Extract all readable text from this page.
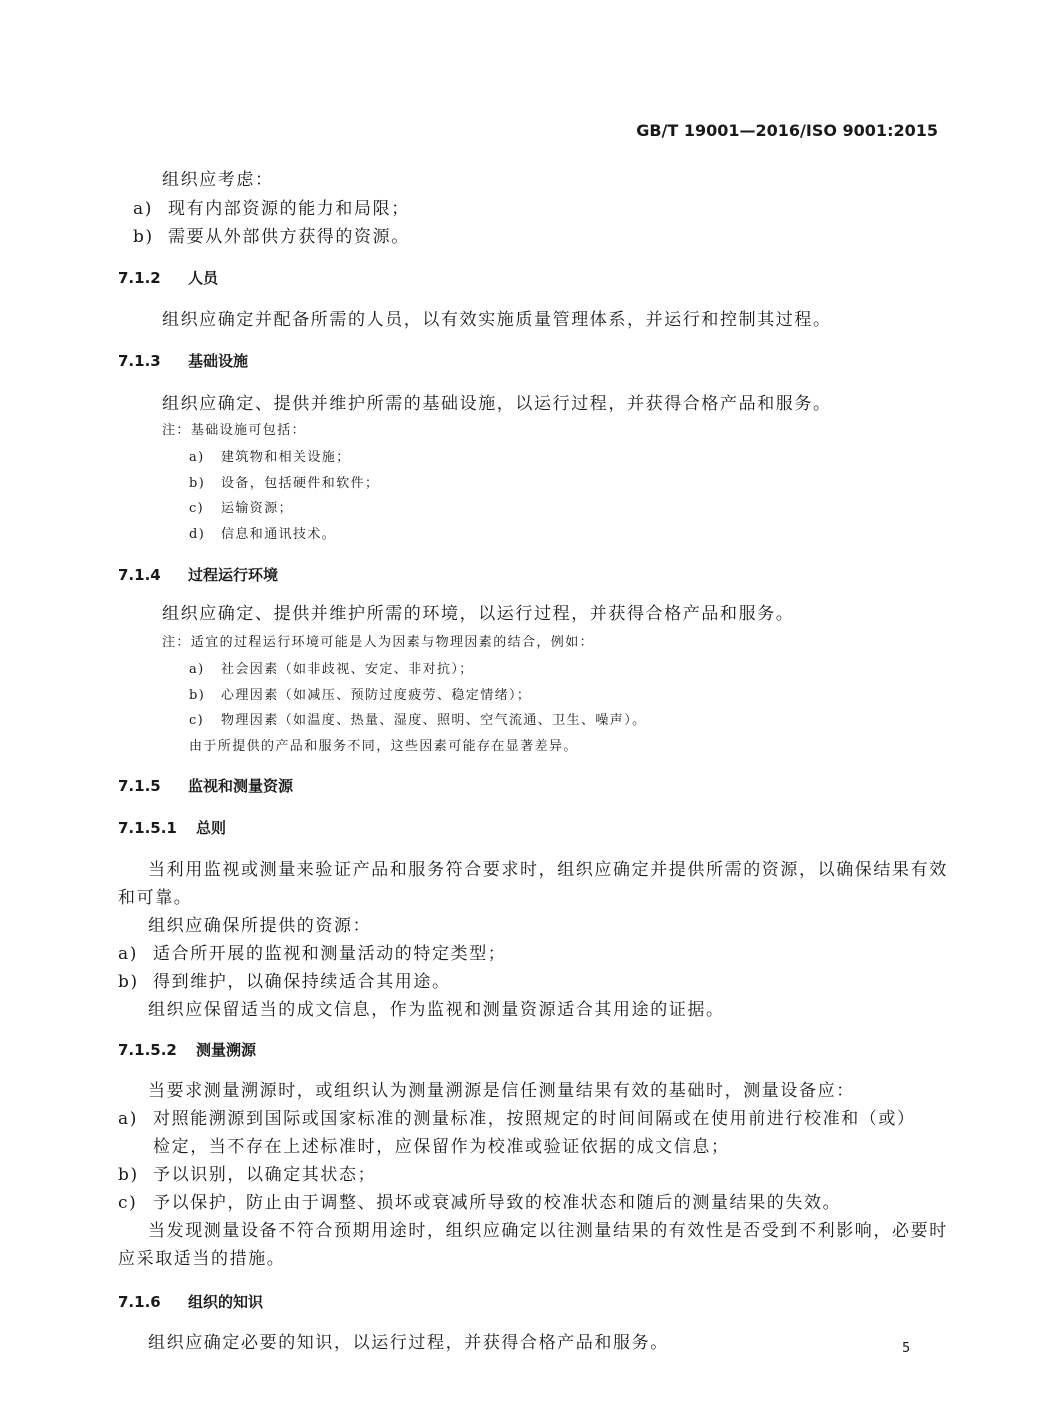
GB/T 19001—2016/ISO 9001:2015
组织应考虑：
a) 现有内部资源的能力和局限；
b) 需要从外部供方获得的资源。
7.1.2 人员
组织应确定并配备所需的人员，以有效实施质量管理体系，并运行和控制其过程。
7.1.3 基础设施
组织应确定、提供并维护所需的基础设施，以运行过程，并获得合格产品和服务。
注：基础设施可包括：
a) 建筑物和相关设施；
b) 设备，包括硬件和软件；
c) 运输资源；
d) 信息和通讯技术。
7.1.4 过程运行环境
组织应确定、提供并维护所需的环境，以运行过程，并获得合格产品和服务。
注：适宜的过程运行环境可能是人为因素与物理因素的结合，例如：
a) 社会因素（如非歧视、安定、非对抗）；
b) 心理因素（如减压、预防过度疲劳、稳定情绪）；
c) 物理因素（如温度、热量、湿度、照明、空气流通、卫生、噪声）。
由于所提供的产品和服务不同，这些因素可能存在显著差异。
7.1.5 监视和测量资源
7.1.5.1 总则
当利用监视或测量来验证产品和服务符合要求时，组织应确定并提供所需的资源，以确保结果有效
和可靠。
组织应确保所提供的资源：
a) 适合所开展的监视和测量活动的特定类型；
b) 得到维护，以确保持续适合其用途。
组织应保留适当的成文信息，作为监视和测量资源适合其用途的证据。
7.1.5.2 测量溯源
当要求测量溯源时，或组织认为测量溯源是信任测量结果有效的基础时，测量设备应：
a) 对照能溯源到国际或国家标准的测量标准，按照规定的时间间隔或在使用前进行校准和（或）
检定，当不存在上述标准时，应保留作为校准或验证依据的成文信息；
b) 予以识别，以确定其状态；
c) 予以保护，防止由于调整、损坏或衰减所导致的校准状态和随后的测量结果的失效。
当发现测量设备不符合预期用途时，组织应确定以往测量结果的有效性是否受到不利影响，必要时
应采取适当的措施。
7.1.6 组织的知识
组织应确定必要的知识，以运行过程，并获得合格产品和服务。	5
